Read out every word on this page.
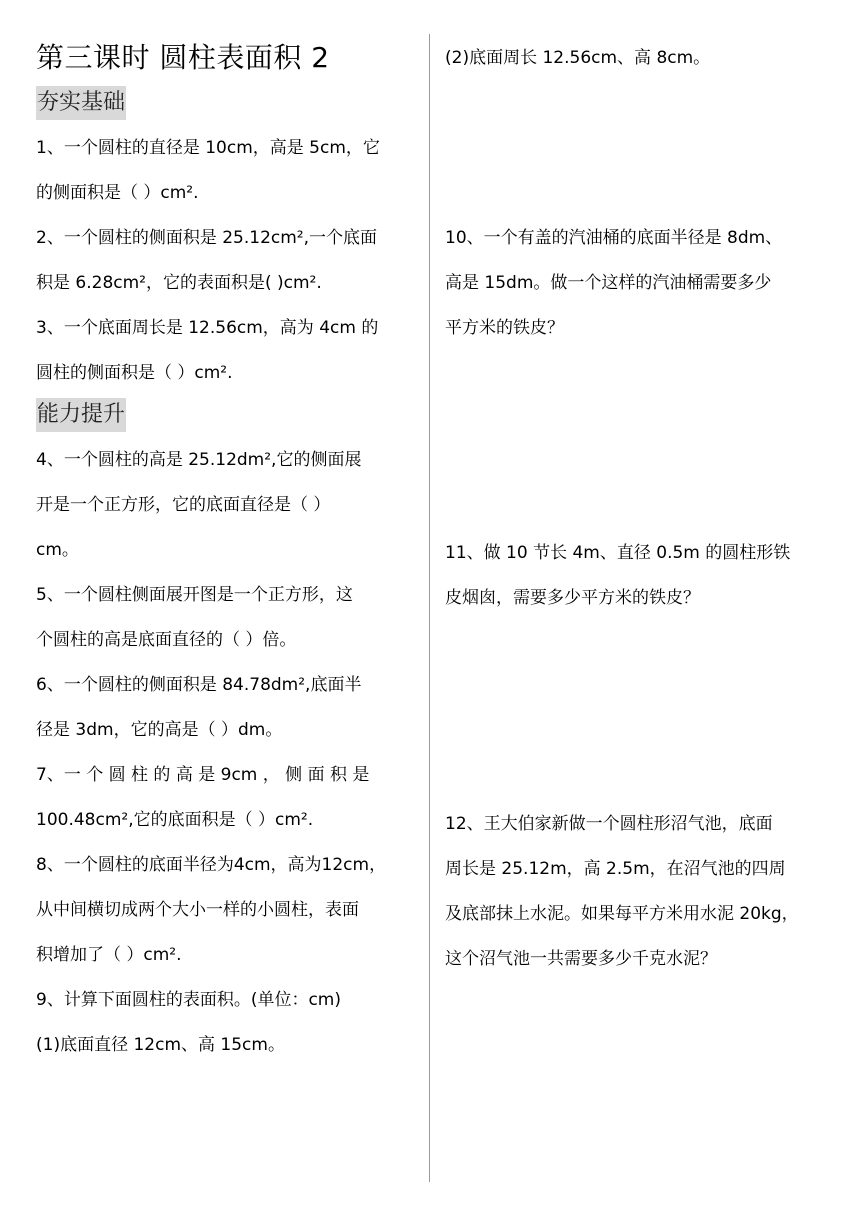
第三课时 圆柱表面积 2
夯实基础
1、一个圆柱的直径是 10cm，高是 5cm，它
的侧面积是（ ）cm².
2、一个圆柱的侧面积是 25.12cm²,一个底面
积是 6.28cm²，它的表面积是( )cm².
3、一个底面周长是 12.56cm，高为 4cm 的
圆柱的侧面积是（ ）cm².
能力提升
4、一个圆柱的高是 25.12dm²,它的侧面展
开是一个正方形，它的底面直径是（ ）
cm。
5、一个圆柱侧面展开图是一个正方形，这
个圆柱的高是底面直径的（ ）倍。
6、一个圆柱的侧面积是 84.78dm²,底面半
径是 3dm，它的高是（ ）dm。
7、一 个 圆 柱 的 高 是 9cm ， 侧 面 积 是
100.48cm²,它的底面积是（ ）cm².
8、一个圆柱的底面半径为4cm，高为12cm，
从中间横切成两个大小一样的小圆柱，表面
积增加了（ ）cm².
9、计算下面圆柱的表面积。(单位：cm)
(1)底面直径 12cm、高 15cm。
(2)底面周长 12.56cm、高 8cm。
10、一个有盖的汽油桶的底面半径是 8dm、
高是 15dm。做一个这样的汽油桶需要多少
平方米的铁皮？
11、做 10 节长 4m、直径 0.5m 的圆柱形铁
皮烟囱，需要多少平方米的铁皮？
12、王大伯家新做一个圆柱形沼气池，底面
周长是 25.12m，高 2.5m，在沼气池的四周
及底部抹上水泥。如果每平方米用水泥 20kg，
这个沼气池一共需要多少千克水泥？
